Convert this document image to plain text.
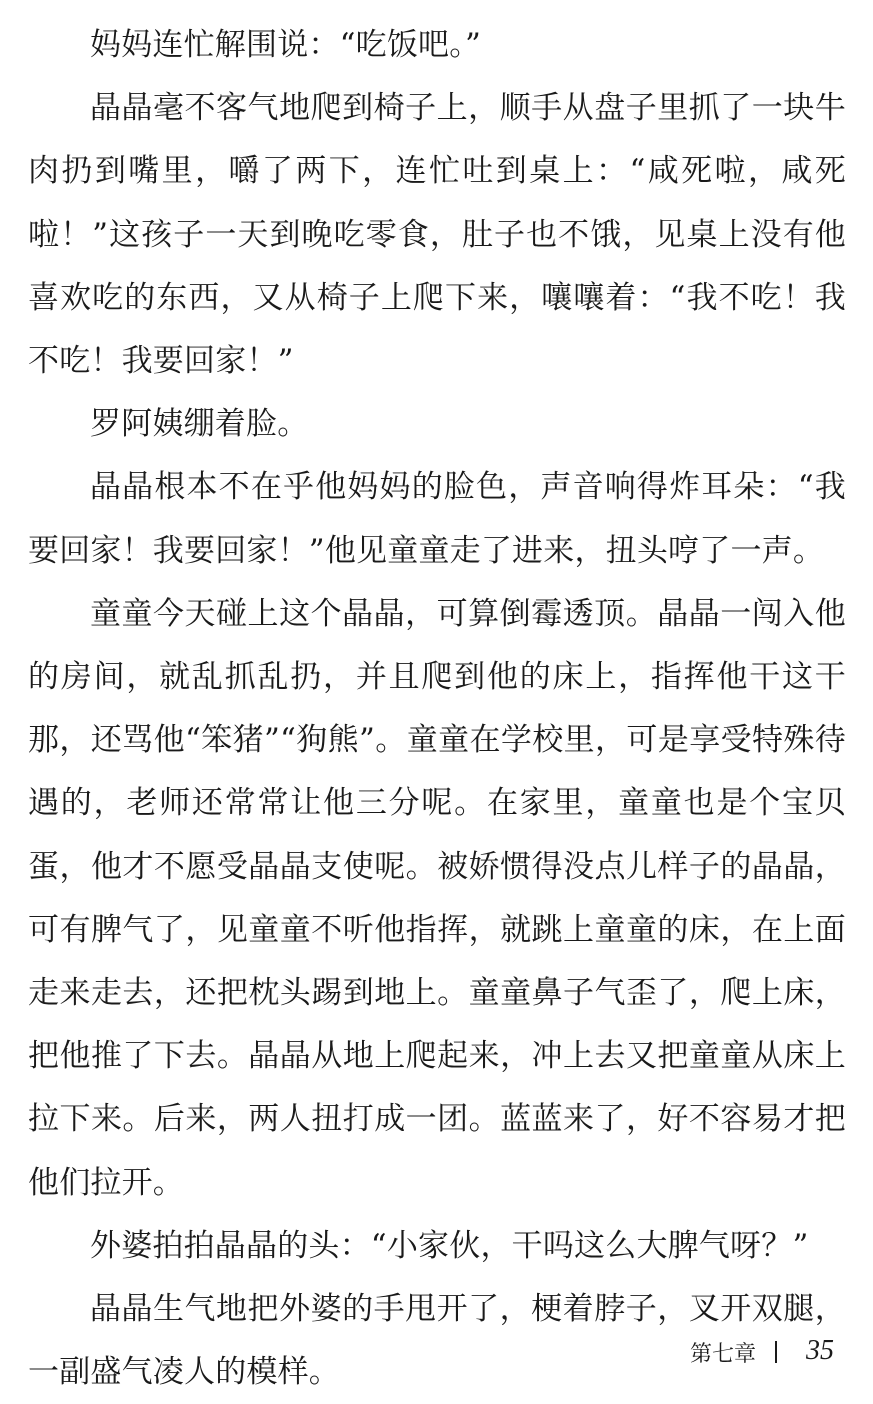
妈妈连忙解围说：“吃饭吧。”

晶晶毫不客气地爬到椅子上，顺手从盘子里抓了一块牛肉扔到嘴里，嚼了两下，连忙吐到桌上：“咸死啦，咸死啦！”这孩子一天到晚吃零食，肚子也不饿，见桌上没有他喜欢吃的东西，又从椅子上爬下来，嚷嚷着：“我不吃！我不吃！我要回家！”

罗阿姨绷着脸。

晶晶根本不在乎他妈妈的脸色，声音响得炸耳朵：“我要回家！我要回家！”他见童童走了进来，扭头哼了一声。

童童今天碰上这个晶晶，可算倒霉透顶。晶晶一闯入他的房间，就乱抓乱扔，并且爬到他的床上，指挥他干这干那，还骂他“笨猪”“狗熊”。童童在学校里，可是享受特殊待遇的，老师还常常让他三分呢。在家里，童童也是个宝贝蛋，他才不愿受晶晶支使呢。被娇惯得没点儿样子的晶晶，可有脾气了，见童童不听他指挥，就跳上童童的床，在上面走来走去，还把枕头踢到地上。童童鼻子气歪了，爬上床，把他推了下去。晶晶从地上爬起来，冲上去又把童童从床上拉下来。后来，两人扭打成一团。蓝蓝来了，好不容易才把他们拉开。

外婆拍拍晶晶的头：“小家伙，干吗这么大脾气呀？”

晶晶生气地把外婆的手甩开了，梗着脖子，叉开双腿，一副盛气凌人的模样。	第七章 35
